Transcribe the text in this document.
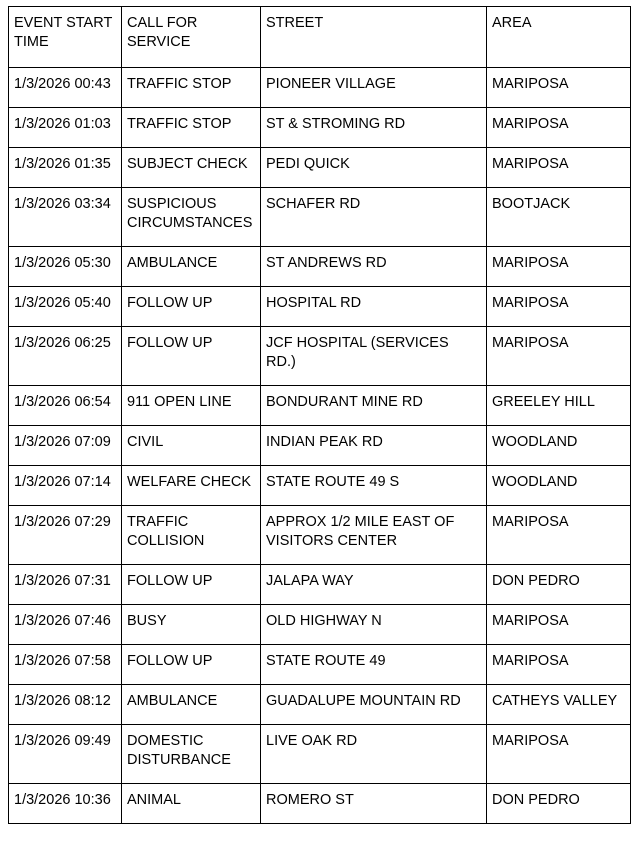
EVENT START TIME	CALL FOR SERVICE	STREET	AREA
1/3/2026 00:43	TRAFFIC STOP	PIONEER VILLAGE	MARIPOSA
1/3/2026 01:03	TRAFFIC STOP	ST & STROMING RD	MARIPOSA
1/3/2026 01:35	SUBJECT CHECK	PEDI QUICK	MARIPOSA
1/3/2026 03:34	SUSPICIOUS CIRCUMSTANCES	SCHAFER RD	BOOTJACK
1/3/2026 05:30	AMBULANCE	ST ANDREWS RD	MARIPOSA
1/3/2026 05:40	FOLLOW UP	HOSPITAL RD	MARIPOSA
1/3/2026 06:25	FOLLOW UP	JCF HOSPITAL (SERVICES RD.)	MARIPOSA
1/3/2026 06:54	911 OPEN LINE	BONDURANT MINE RD	GREELEY HILL
1/3/2026 07:09	CIVIL	INDIAN PEAK RD	WOODLAND
1/3/2026 07:14	WELFARE CHECK	STATE ROUTE 49 S	WOODLAND
1/3/2026 07:29	TRAFFIC COLLISION	APPROX 1/2 MILE EAST OF VISITORS CENTER	MARIPOSA
1/3/2026 07:31	FOLLOW UP	JALAPA WAY	DON PEDRO
1/3/2026 07:46	BUSY	OLD HIGHWAY N	MARIPOSA
1/3/2026 07:58	FOLLOW UP	STATE ROUTE 49	MARIPOSA
1/3/2026 08:12	AMBULANCE	GUADALUPE MOUNTAIN RD	CATHEYS VALLEY
1/3/2026 09:49	DOMESTIC DISTURBANCE	LIVE OAK RD	MARIPOSA
1/3/2026 10:36	ANIMAL	ROMERO ST	DON PEDRO
